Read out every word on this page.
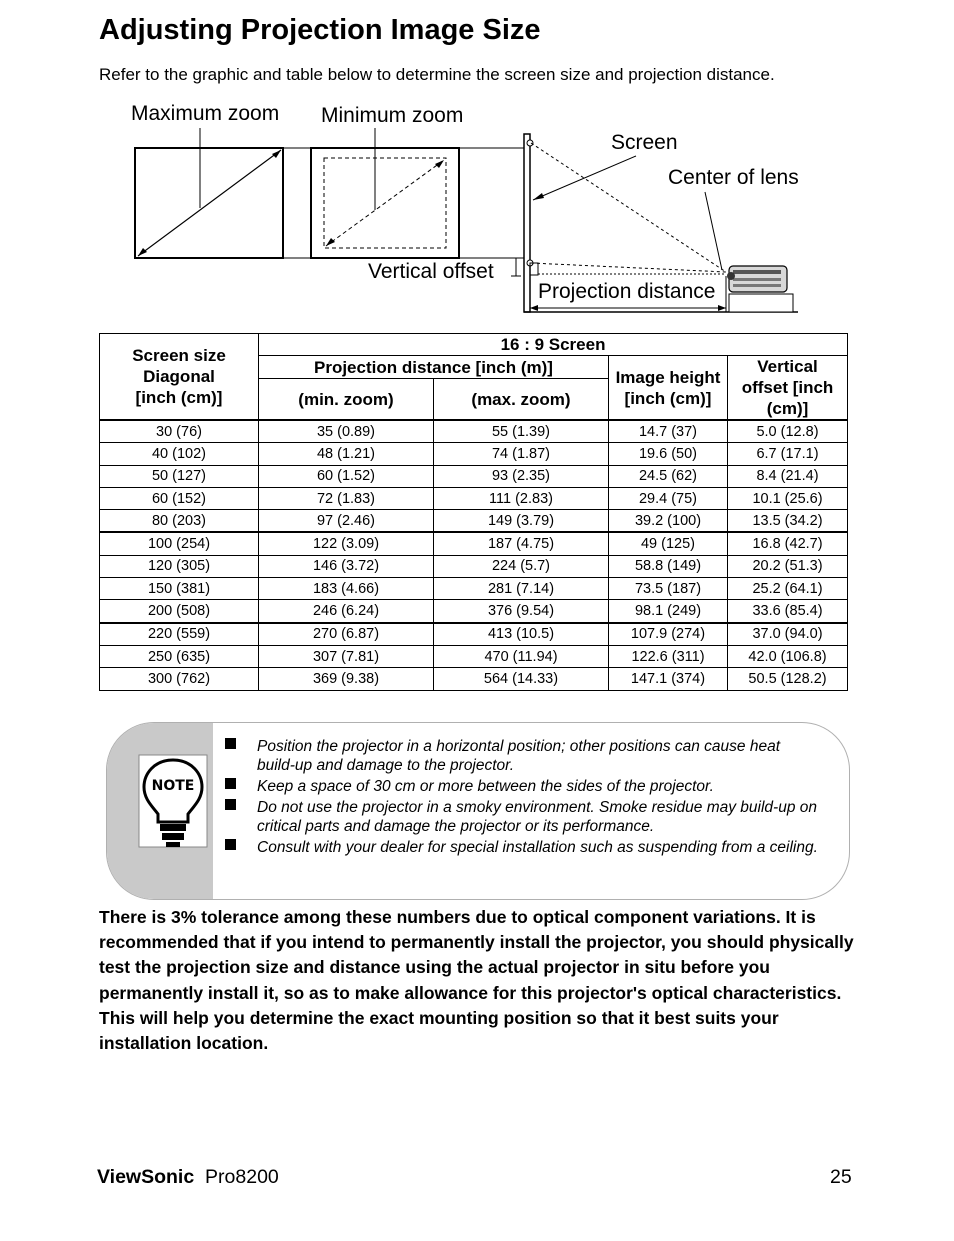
Adjusting Projection Image Size
Refer to the graphic and table below to determine the screen size and projection distance.
Maximum zoom Minimum zoom
Screen
Center of lens
Vertical offset
Projection distance
Screen size Diagonal [inch (cm)]	16 : 9 Screen			
	Projection distance [inch (m)]		Image height [inch (cm)]	Vertical offset [inch (cm)]
	(min. zoom)	(max. zoom)		
30 (76)	35 (0.89)	55 (1.39)	14.7 (37)	5.0 (12.8)
40 (102)	48 (1.21)	74 (1.87)	19.6 (50)	6.7 (17.1)
50 (127)	60 (1.52)	93 (2.35)	24.5 (62)	8.4 (21.4)
60 (152)	72 (1.83)	111 (2.83)	29.4 (75)	10.1 (25.6)
80 (203)	97 (2.46)	149 (3.79)	39.2 (100)	13.5 (34.2)
100 (254)	122 (3.09)	187 (4.75)	49 (125)	16.8 (42.7)
120 (305)	146 (3.72)	224 (5.7)	58.8 (149)	20.2 (51.3)
150 (381)	183 (4.66)	281 (7.14)	73.5 (187)	25.2 (64.1)
200 (508)	246 (6.24)	376 (9.54)	98.1 (249)	33.6 (85.4)
220 (559)	270 (6.87)	413 (10.5)	107.9 (274)	37.0 (94.0)
250 (635)	307 (7.81)	470 (11.94)	122.6 (311)	42.0 (106.8)
300 (762)	369 (9.38)	564 (14.33)	147.1 (374)	50.5 (128.2)
NOTE
Position the projector in a horizontal position; other positions can cause heat build-up and damage to the projector.
Keep a space of 30 cm or more between the sides of the projector.
Do not use the projector in a smoky environment. Smoke residue may build-up on critical parts and damage the projector or its performance.
Consult with your dealer for special installation such as suspending from a ceiling.
There is 3% tolerance among these numbers due to optical component variations. It is recommended that if you intend to permanently install the projector, you should physically test the projection size and distance using the actual projector in situ before you permanently install it, so as to make allowance for this projector's optical characteristics. This will help you determine the exact mounting position so that it best suits your installation location.
ViewSonic Pro8200	25
